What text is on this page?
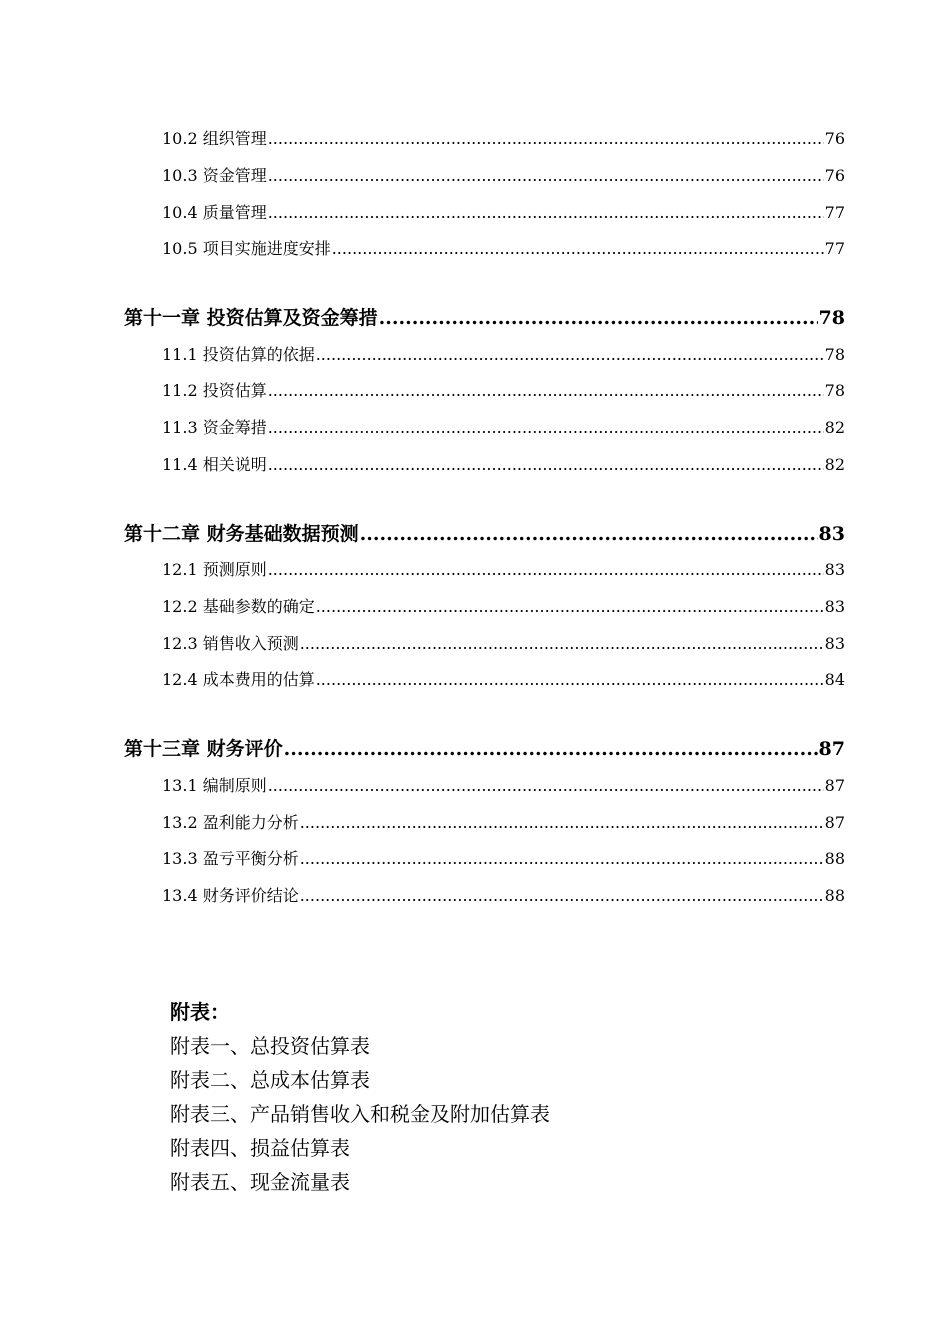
10.2 组织管理 .....	76
10.3 资金管理 .....	76
10.4 质量管理 .....	77
10.5 项目实施进度安排 .....	77
第十一章 投资估算及资金筹措 .....	78
11.1 投资估算的依据 .....	78
11.2 投资估算 .....	78
11.3 资金筹措 .....	82
11.4 相关说明 .....	82
第十二章 财务基础数据预测 .....	83
12.1 预测原则 .....	83
12.2 基础参数的确定 .....	83
12.3 销售收入预测 .....	83
12.4 成本费用的估算 .....	84
第十三章 财务评价 .....	87
13.1 编制原则 .....	87
13.2 盈利能力分析 .....	87
13.3 盈亏平衡分析 .....	88
13.4 财务评价结论 .....	88
附表：
附表一、总投资估算表
附表二、总成本估算表
附表三、产品销售收入和税金及附加估算表
附表四、损益估算表
附表五、现金流量表
